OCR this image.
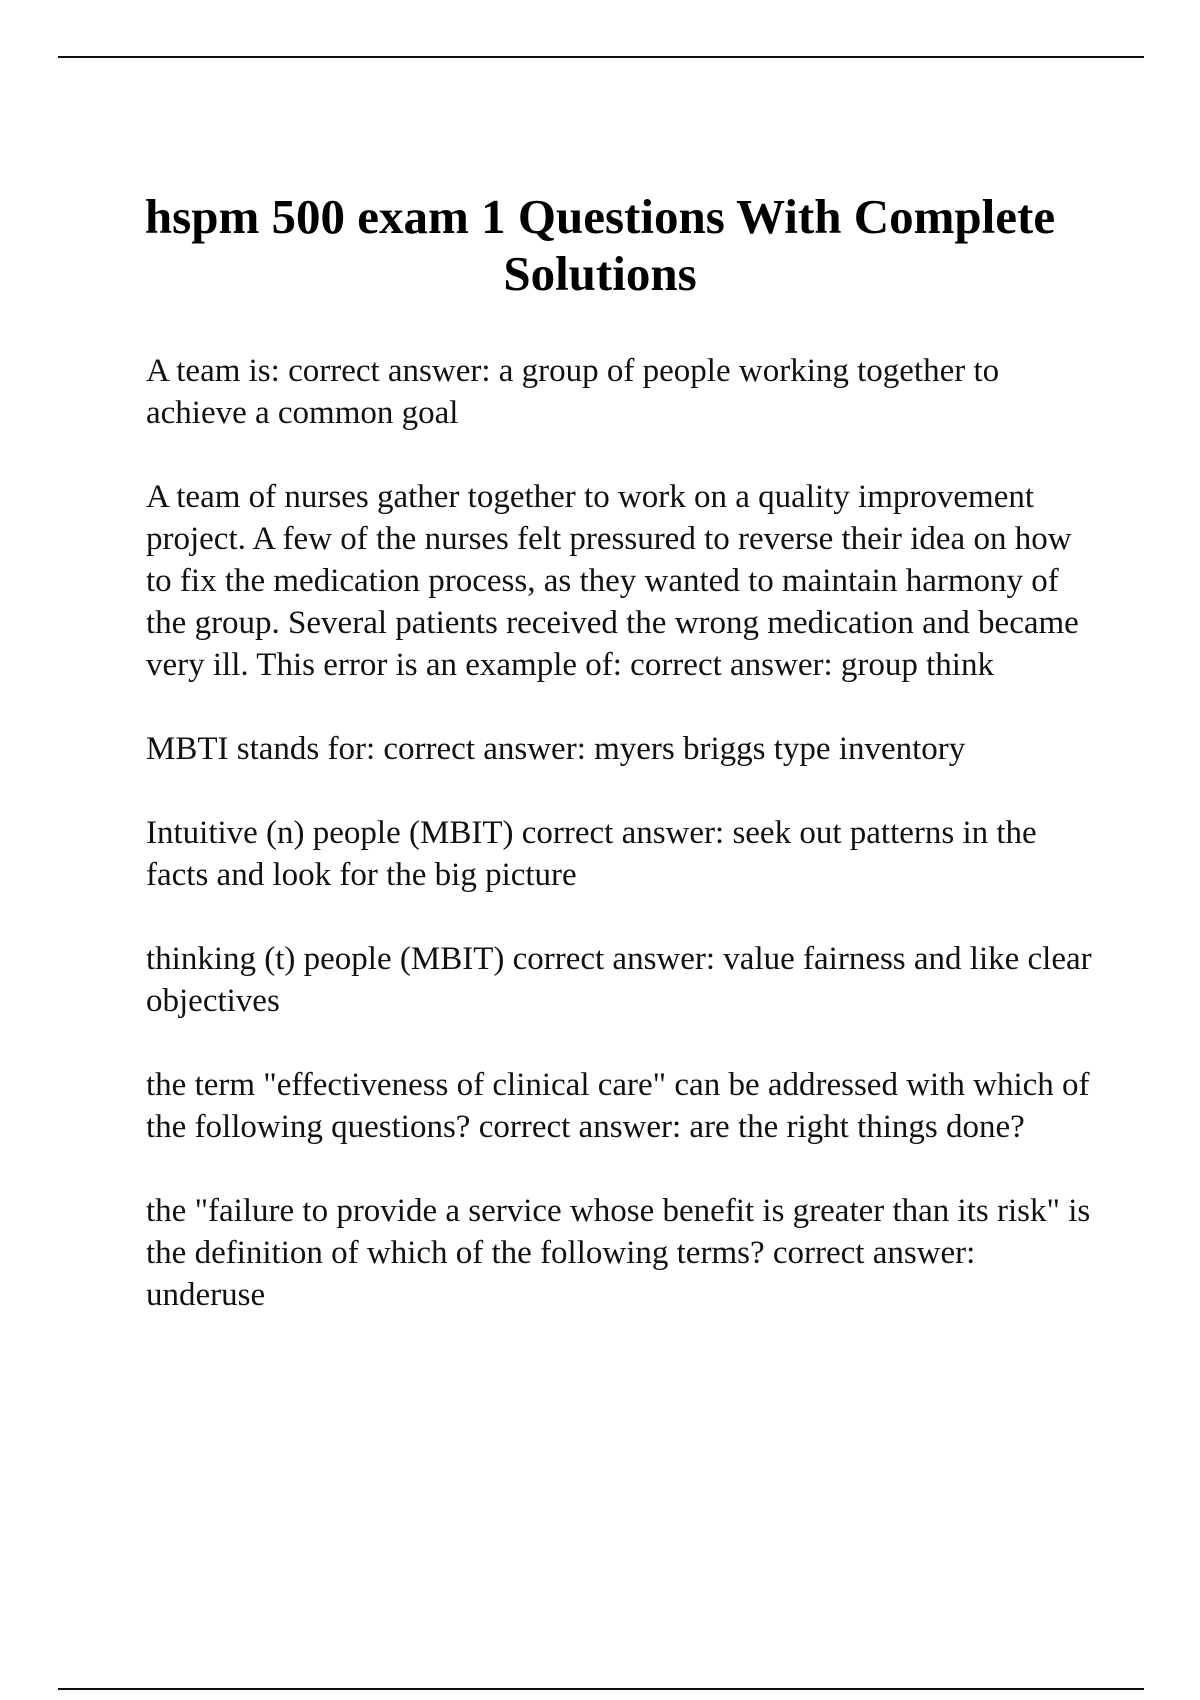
hspm 500 exam 1 Questions With Complete Solutions

A team is: correct answer: a group of people working together to achieve a common goal

A team of nurses gather together to work on a quality improvement project. A few of the nurses felt pressured to reverse their idea on how to fix the medication process, as they wanted to maintain harmony of the group. Several patients received the wrong medication and became very ill. This error is an example of: correct answer: group think

MBTI stands for: correct answer: myers briggs type inventory

Intuitive (n) people (MBIT) correct answer: seek out patterns in the facts and look for the big picture

thinking (t) people (MBIT) correct answer: value fairness and like clear objectives

the term "effectiveness of clinical care" can be addressed with which of the following questions? correct answer: are the right things done?

the "failure to provide a service whose benefit is greater than its risk" is the definition of which of the following terms? correct answer: underuse
